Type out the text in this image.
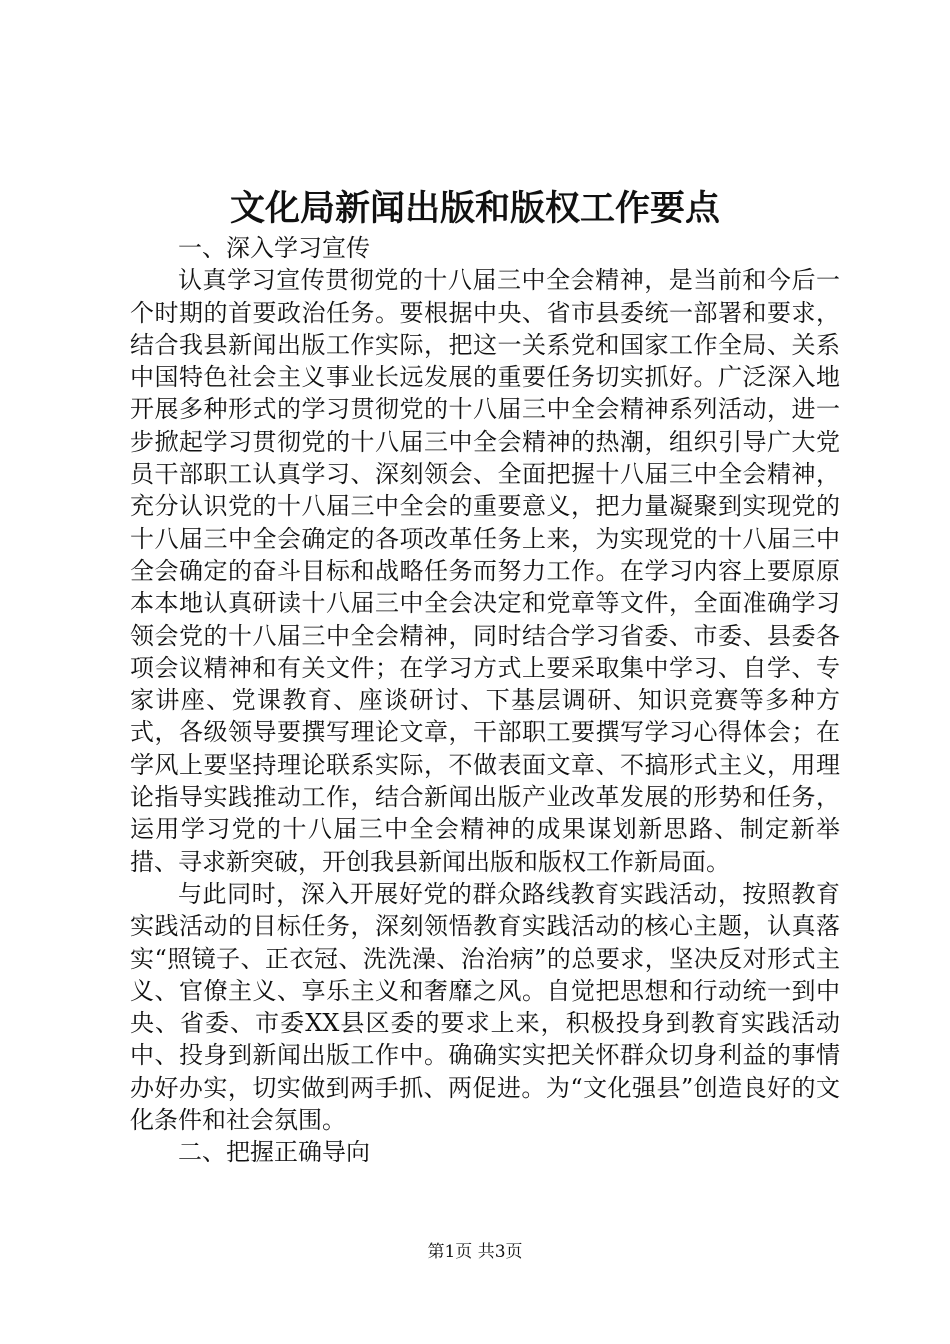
文化局新闻出版和版权工作要点

一、深入学习宣传

认真学习宣传贯彻党的十八届三中全会精神，是当前和今后一个时期的首要政治任务。要根据中央、省市县委统一部署和要求，结合我县新闻出版工作实际，把这一关系党和国家工作全局、关系中国特色社会主义事业长远发展的重要任务切实抓好。广泛深入地开展多种形式的学习贯彻党的十八届三中全会精神系列活动，进一步掀起学习贯彻党的十八届三中全会精神的热潮，组织引导广大党员干部职工认真学习、深刻领会、全面把握十八届三中全会精神，充分认识党的十八届三中全会的重要意义，把力量凝聚到实现党的十八届三中全会确定的各项改革任务上来，为实现党的十八届三中全会确定的奋斗目标和战略任务而努力工作。在学习内容上要原原本本地认真研读十八届三中全会决定和党章等文件，全面准确学习领会党的十八届三中全会精神，同时结合学习省委、市委、县委各项会议精神和有关文件；在学习方式上要采取集中学习、自学、专家讲座、党课教育、座谈研讨、下基层调研、知识竞赛等多种方式，各级领导要撰写理论文章，干部职工要撰写学习心得体会；在学风上要坚持理论联系实际，不做表面文章、不搞形式主义，用理论指导实践推动工作，结合新闻出版产业改革发展的形势和任务，运用学习党的十八届三中全会精神的成果谋划新思路、制定新举措、寻求新突破，开创我县新闻出版和版权工作新局面。

与此同时，深入开展好党的群众路线教育实践活动，按照教育实践活动的目标任务，深刻领悟教育实践活动的核心主题，认真落实“照镜子、正衣冠、洗洗澡、治治病”的总要求，坚决反对形式主义、官僚主义、享乐主义和奢靡之风。自觉把思想和行动统一到中央、省委、市委XX县区委的要求上来，积极投身到教育实践活动中、投身到新闻出版工作中。确确实实把关怀群众切身利益的事情办好办实，切实做到两手抓、两促进。为“文化强县”创造良好的文化条件和社会氛围。

二、把握正确导向

第1页 共3页
